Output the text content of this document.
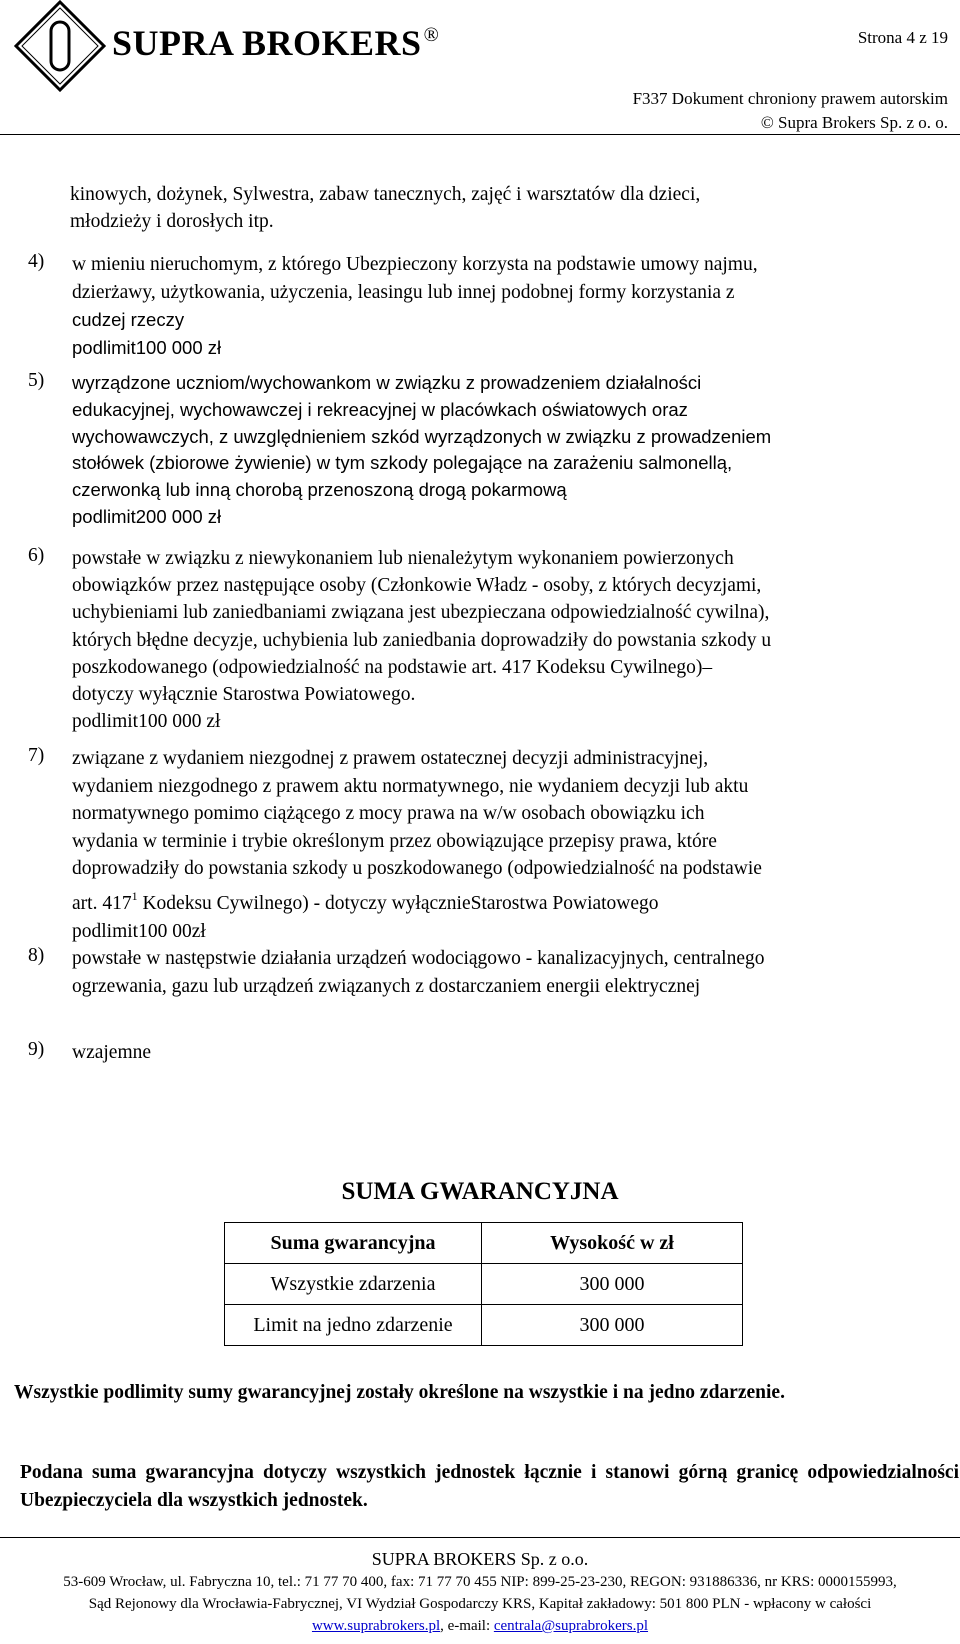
SUPRA BROKERS ®	Strona 4 z 19
F337 Dokument chroniony prawem autorskim
© Supra Brokers Sp. z o. o.
kinowych, dożynek, Sylwestra, zabaw tanecznych, zajęć i warsztatów dla dzieci,
młodzieży i dorosłych itp.
4) w mieniu nieruchomym, z którego Ubezpieczony korzysta na podstawie umowy najmu,
dzierżawy, użytkowania, użyczenia, leasingu lub innej podobnej formy korzystania z
cudzej rzeczy
podlimit100 000 zł
5) wyrządzone uczniom/wychowankom w związku z prowadzeniem działalności
edukacyjnej, wychowawczej i rekreacyjnej w placówkach oświatowych oraz
wychowawczych, z uwzględnieniem szkód wyrządzonych w związku z prowadzeniem
stołówek (zbiorowe żywienie) w tym szkody polegające na zarażeniu salmonellą,
czerwonką lub inną chorobą przenoszoną drogą pokarmową
podlimit200 000 zł
6) powstałe w związku z niewykonaniem lub nienależytym wykonaniem powierzonych
obowiązków przez następujące osoby (Członkowie Władz - osoby, z których decyzjami,
uchybieniami lub zaniedbaniami związana jest ubezpieczana odpowiedzialność cywilna),
których błędne decyzje, uchybienia lub zaniedbania doprowadziły do powstania szkody u
poszkodowanego (odpowiedzialność na podstawie art. 417 Kodeksu Cywilnego)–
dotyczy wyłącznie Starostwa Powiatowego.
podlimit100 000 zł
7) związane z wydaniem niezgodnej z prawem ostatecznej decyzji administracyjnej,
wydaniem niezgodnego z prawem aktu normatywnego, nie wydaniem decyzji lub aktu
normatywnego pomimo ciążącego z mocy prawa na w/w osobach obowiązku ich
wydania w terminie i trybie określonym przez obowiązujące przepisy prawa, które
doprowadziły do powstania szkody u poszkodowanego (odpowiedzialność na podstawie
art. $417^1$ Kodeksu Cywilnego) - dotyczy wyłącznieStarostwa Powiatowego
podlimit100 00zł
8) powstałe w następstwie działania urządzeń wodociągowo - kanalizacyjnych, centralnego
ogrzewania, gazu lub urządzeń związanych z dostarczaniem energii elektrycznej
9) wzajemne
SUMA GWARANCYJNA
Suma gwarancyjna	Wysokość w zł
Wszystkie zdarzenia	300 000
Limit na jedno zdarzenie	300 000
Wszystkie podlimity sumy gwarancyjnej zostały określone na wszystkie i na jedno zdarzenie.
Podana suma gwarancyjna dotyczy wszystkich jednostek łącznie i stanowi górną granicę odpowiedzialności Ubezpieczyciela dla wszystkich jednostek.
SUPRA BROKERS Sp. z o.o.
53-609 Wrocław, ul. Fabryczna 10, tel.: 71 77 70 400, fax: 71 77 70 455 NIP: 899-25-23-230, REGON: 931886336, nr KRS: 0000155993,
Sąd Rejonowy dla Wrocławia-Fabrycznej, VI Wydział Gospodarczy KRS, Kapitał zakładowy: 501 800 PLN - wpłacony w całości
www.suprabrokers.pl, e-mail: centrala@suprabrokers.pl
